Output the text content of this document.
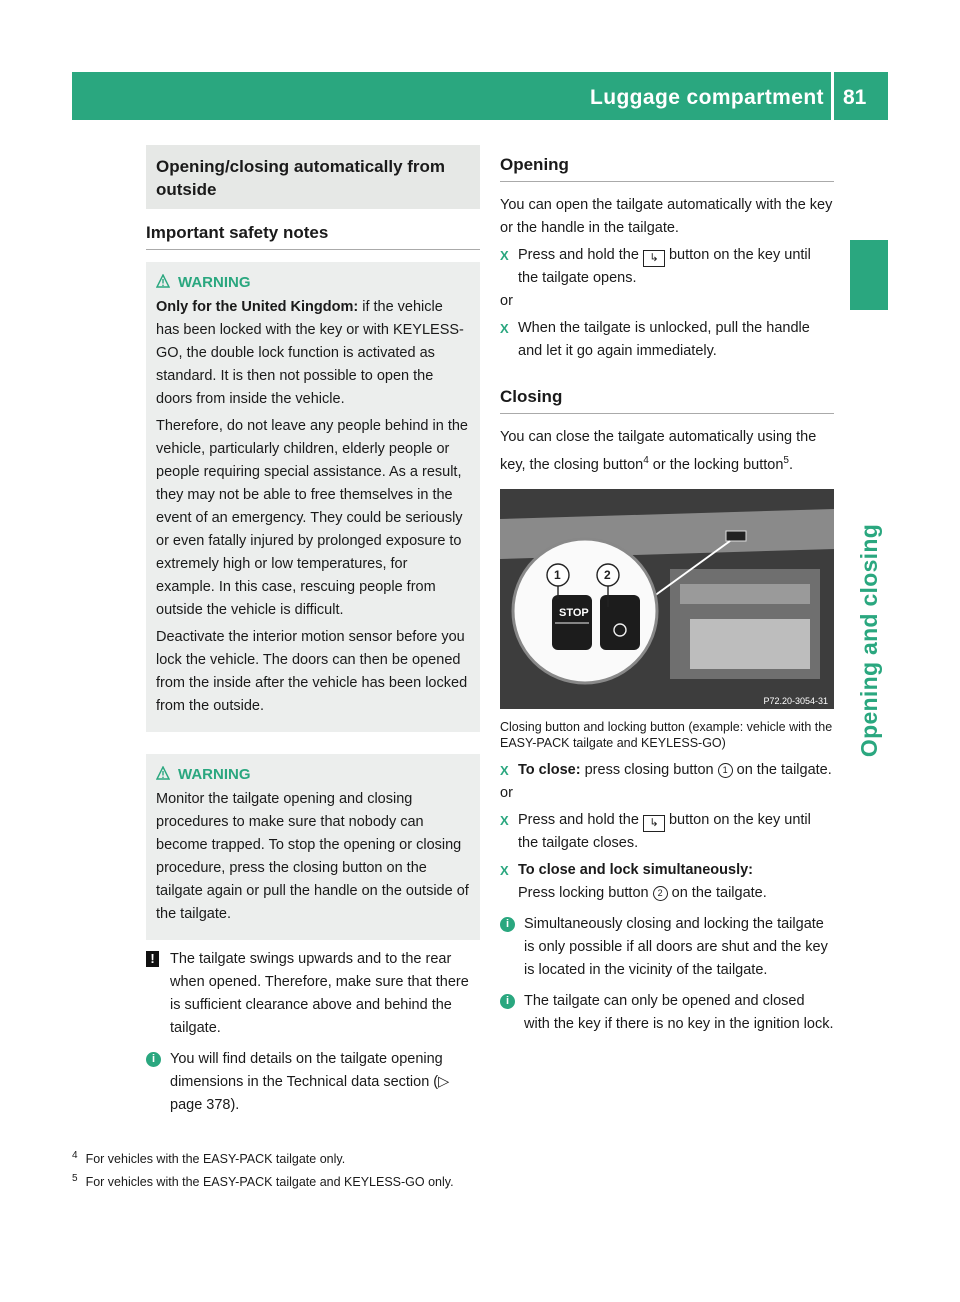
Luggage compartment 81
Opening and closing
Opening/closing automatically from outside
Important safety notes
WARNING

Only for the United Kingdom: if the vehicle has been locked with the key or with KEYLESS-GO, the double lock function is activated as standard. It is then not possible to open the doors from inside the vehicle.

Therefore, do not leave any people behind in the vehicle, particularly children, elderly people or people requiring special assistance. As a result, they may not be able to free themselves in the event of an emergency. They could be seriously or even fatally injured by prolonged exposure to extremely high or low temperatures, for example. In this case, rescuing people from outside the vehicle is difficult.

Deactivate the interior motion sensor before you lock the vehicle. The doors can then be opened from the inside after the vehicle has been locked from the outside.

WARNING

Monitor the tailgate opening and closing procedures to make sure that nobody can become trapped. To stop the opening or closing procedure, press the closing button on the tailgate again or pull the handle on the outside of the tailgate.

!	The tailgate swings upwards and to the rear when opened. Therefore, make sure that there is sufficient clearance above and behind the tailgate.

i	You will find details on the tailgate opening dimensions in the Technical data section (▷ page 378).

Opening

You can open the tailgate automatically with the key or the handle in the tailgate.

X Press and hold the ↳ button on the key until the tailgate opens.

or

X When the tailgate is unlocked, pull the handle and let it go again immediately.

Closing

You can close the tailgate automatically using the key, the closing button$^4$ or the locking button$^5$.

STOP
1	2
P72.20-3054-31

Closing button and locking button (example: vehicle with the EASY-PACK tailgate and KEYLESS-GO)

X To close: press closing button 1 on the tailgate.

or

X Press and hold the ↳ button on the key until the tailgate closes.

X To close and lock simultaneously:

Press locking button 2 on the tailgate.

i	Simultaneously closing and locking the tailgate is only possible if all doors are shut and the key is located in the vicinity of the tailgate.

i	The tailgate can only be opened and closed with the key if there is no key in the ignition lock.

$^4$ For vehicles with the EASY-PACK tailgate only.
$^5$ For vehicles with the EASY-PACK tailgate and KEYLESS-GO only.
